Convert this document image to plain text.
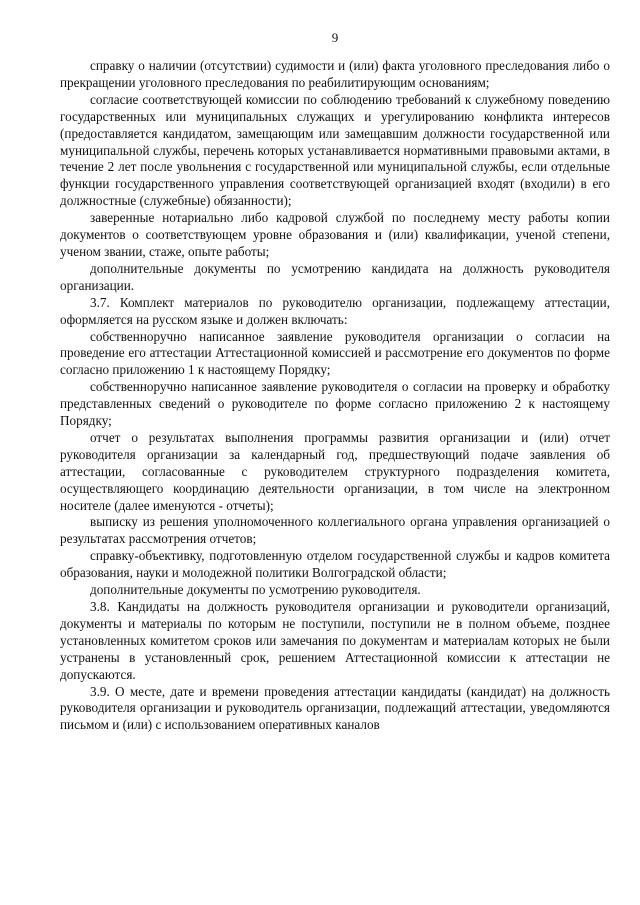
9

справку о наличии (отсутствии) судимости и (или) факта уголовного преследования либо о прекращении уголовного преследования по реабилитирующим основаниям;

согласие соответствующей комиссии по соблюдению требований к служебному поведению государственных или муниципальных служащих и урегулированию конфликта интересов (предоставляется кандидатом, замещающим или замещавшим должности государственной или муниципальной службы, перечень которых устанавливается нормативными правовыми актами, в течение 2 лет после увольнения с государственной или муниципальной службы, если отдельные функции государственного управления соответствующей организацией входят (входили) в его должностные (служебные) обязанности);

заверенные нотариально либо кадровой службой по последнему месту работы копии документов о соответствующем уровне образования и (или) квалификации, ученой степени, ученом звании, стаже, опыте работы;

дополнительные документы по усмотрению кандидата на должность руководителя организации.

3.7. Комплект материалов по руководителю организации, подлежащему аттестации, оформляется на русском языке и должен включать:

собственноручно написанное заявление руководителя организации о согласии на проведение его аттестации Аттестационной комиссией и рассмотрение его документов по форме согласно приложению 1 к настоящему Порядку;

собственноручно написанное заявление руководителя о согласии на проверку и обработку представленных сведений о руководителе по форме согласно приложению 2 к настоящему Порядку;

отчет о результатах выполнения программы развития организации и (или) отчет руководителя организации за календарный год, предшествующий подаче заявления об аттестации, согласованные с руководителем структурного подразделения комитета, осуществляющего координацию деятельности организации, в том числе на электронном носителе (далее именуются - отчеты);

выписку из решения уполномоченного коллегиального органа управления организацией о результатах рассмотрения отчетов;

справку-объективку, подготовленную отделом государственной службы и кадров комитета образования, науки и молодежной политики Волгоградской области;

дополнительные документы по усмотрению руководителя.

3.8. Кандидаты на должность руководителя организации и руководители организаций, документы и материалы по которым не поступили, поступили не в полном объеме, позднее установленных комитетом сроков или замечания по документам и материалам которых не были устранены в установленный срок, решением Аттестационной комиссии к аттестации не допускаются.

3.9. О месте, дате и времени проведения аттестации кандидаты (кандидат) на должность руководителя организации и руководитель организации, подлежащий аттестации, уведомляются письмом и (или) с использованием оперативных каналов
